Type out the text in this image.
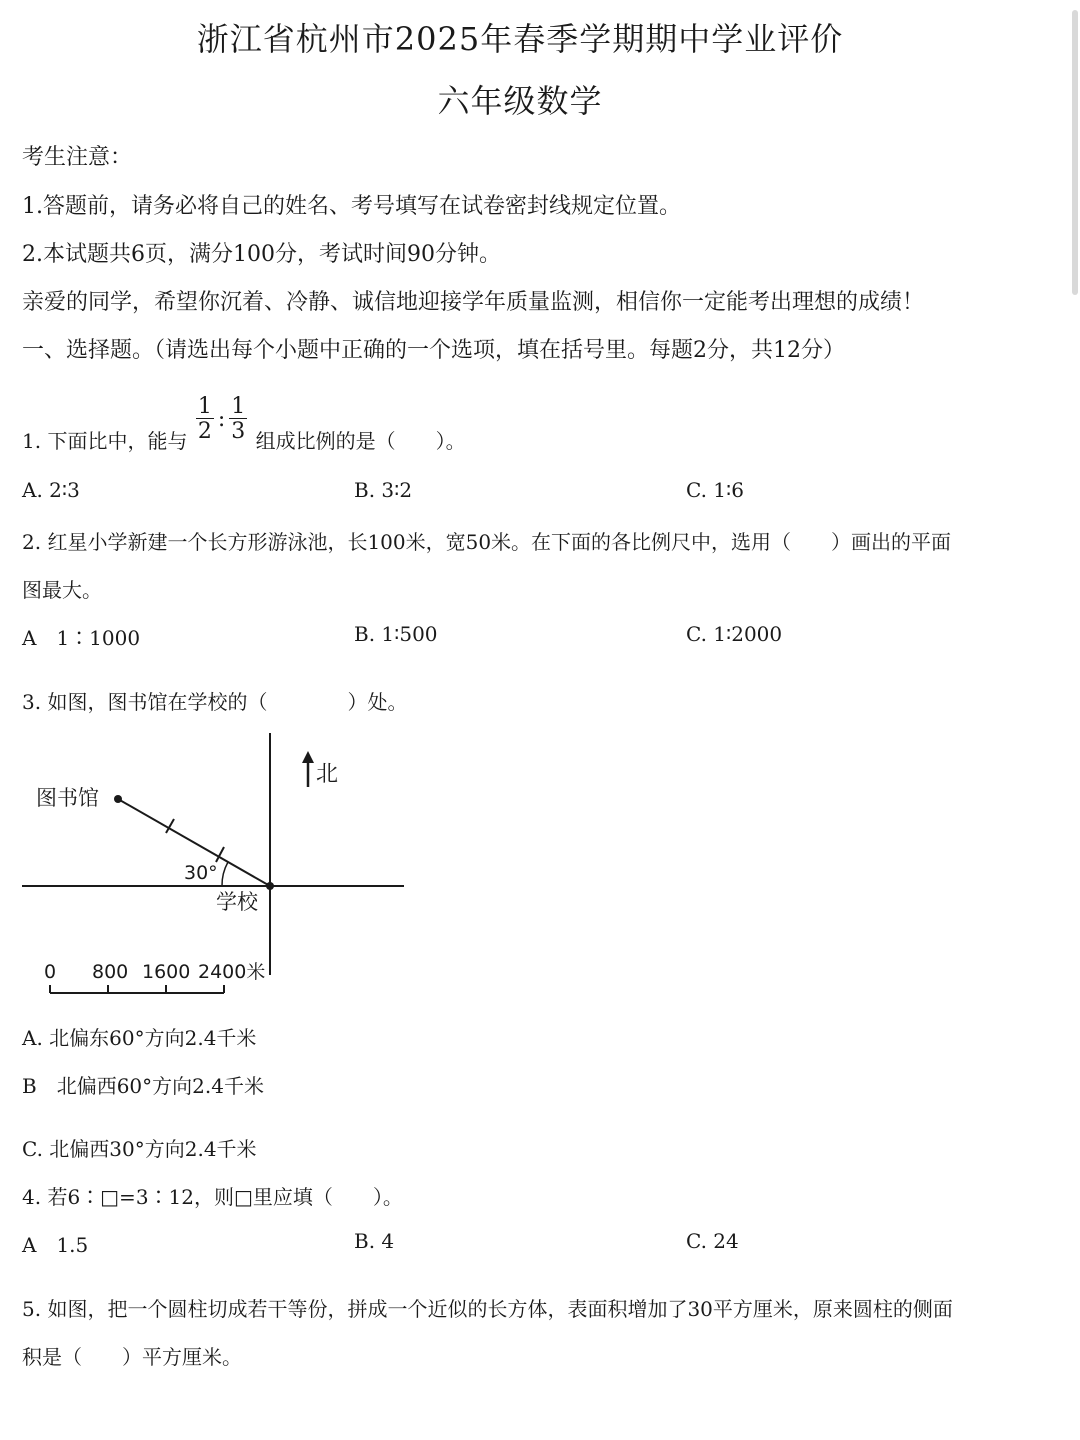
浙江省杭州市2025年春季学期期中学业评价
六年级数学
考生注意：
1.答题前，请务必将自己的姓名、考号填写在试卷密封线规定位置。
2.本试题共6页，满分100分，考试时间90分钟。
亲爱的同学，希望你沉着、冷静、诚信地迎接学年质量监测，相信你一定能考出理想的成绩！
一、选择题。（请选出每个小题中正确的一个选项，填在括号里。每题2分，共12分）
1. 下面比中，能与 $\frac{1}{2}$ : $\frac{1}{3}$ 组成比例的是（　　）。
A. 2∶3	B. 3∶2	C. 1∶6
2. 红星小学新建一个长方形游泳池，长100米，宽50米。在下面的各比例尺中，选用（　　）画出的平面
图最大。
A　1∶1000	B. 1∶500	C. 1∶2000
3. 如图，图书馆在学校的（　　　　）处。
北
图书馆
学校
30°
0 800 1600 2400米
A. 北偏东60°方向2.4千米
B　北偏西60°方向2.4千米
C. 北偏西30°方向2.4千米
4. 若6∶□=3∶12，则□里应填（　　）。
A　1.5	B. 4	C. 24
5. 如图，把一个圆柱切成若干等份，拼成一个近似的长方体，表面积增加了30平方厘米，原来圆柱的侧面
积是（　　）平方厘米。
